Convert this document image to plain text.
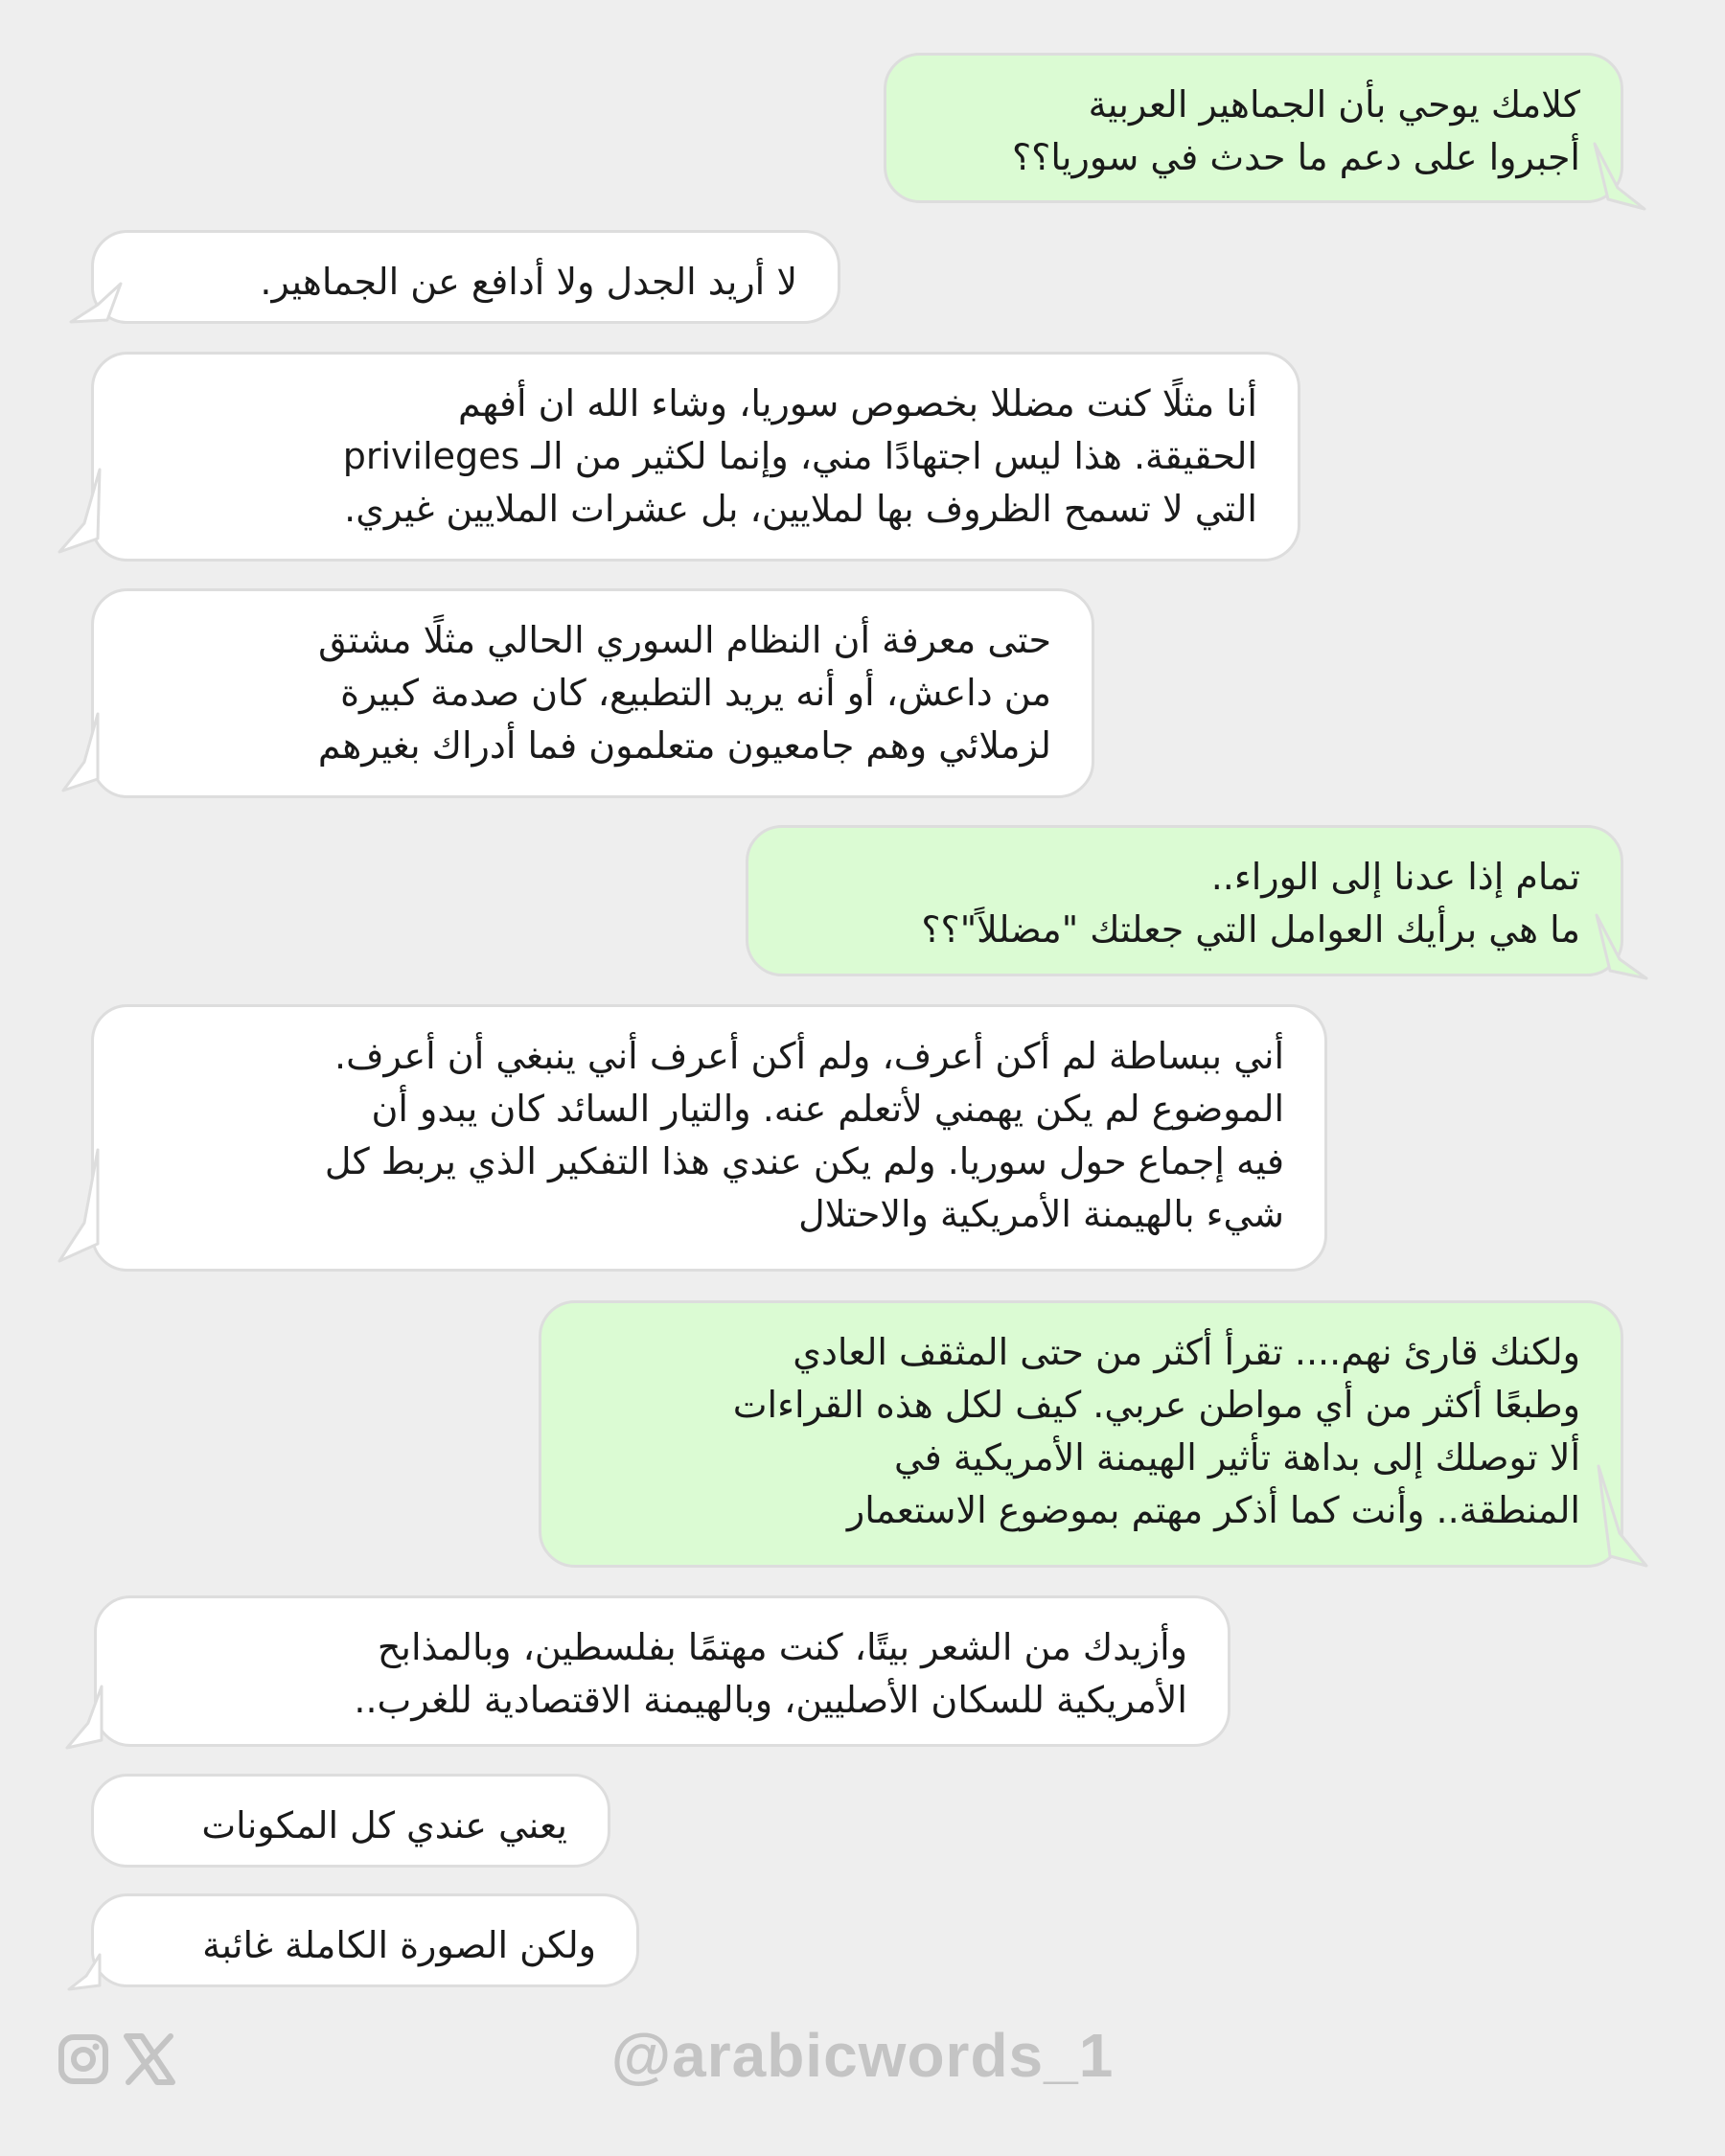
كلامك يوحي بأن الجماهير العربية
أجبروا على دعم ما حدث في سوريا؟؟
لا أريد الجدل ولا أدافع عن الجماهير.
أنا مثلًا كنت مضللا بخصوص سوريا، وشاء الله ان أفهم
الحقيقة. هذا ليس اجتهادًا مني، وإنما لكثير من الـ privileges
التي لا تسمح الظروف بها لملايين، بل عشرات الملايين غيري.
حتى معرفة أن النظام السوري الحالي مثلًا مشتق
من داعش، أو أنه يريد التطبيع، كان صدمة كبيرة
لزملائي وهم جامعيون متعلمون فما أدراك بغيرهم
تمام إذا عدنا إلى الوراء..
ما هي برأيك العوامل التي جعلتك "مضللاً"؟؟
أني ببساطة لم أكن أعرف، ولم أكن أعرف أني ينبغي أن أعرف.
الموضوع لم يكن يهمني لأتعلم عنه. والتيار السائد كان يبدو أن
فيه إجماع حول سوريا. ولم يكن عندي هذا التفكير الذي يربط كل
شيء بالهيمنة الأمريكية والاحتلال
ولكنك قارئ نهم.... تقرأ أكثر من حتى المثقف العادي
وطبعًا أكثر من أي مواطن عربي. كيف لكل هذه القراءات
ألا توصلك إلى بداهة تأثير الهيمنة الأمريكية في
المنطقة.. وأنت كما أذكر مهتم بموضوع الاستعمار
وأزيدك من الشعر بيتًا، كنت مهتمًا بفلسطين، وبالمذابح
الأمريكية للسكان الأصليين، وبالهيمنة الاقتصادية للغرب..
يعني عندي كل المكونات
ولكن الصورة الكاملة غائبة
@arabicwords_1
